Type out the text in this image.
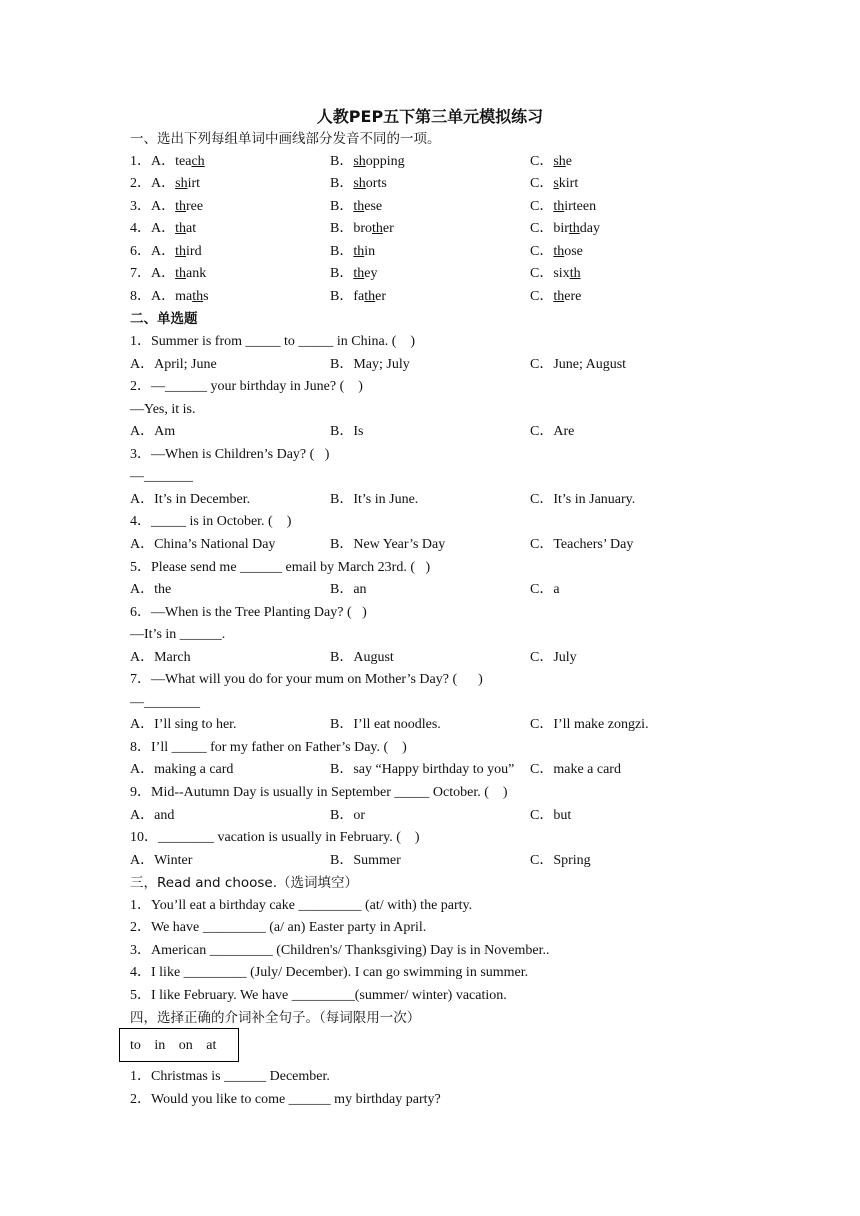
人教PEP五下第三单元模拟练习
一、选出下列每组单词中画线部分发音不同的一项。
1．A．teach	B．shopping	C．she
2．A．shirt	B．shorts	C．skirt
3．A．three	B．these	C．thirteen
4．A．that	B．brother	C．birthday
6．A．third	B．thin	C．those
7．A．thank	B．they	C．sixth
8．A．maths	B．father	C．there
二、单选题
1．Summer is from _____ to _____ in China. (    )
A．April; June	B．May; July	C．June; August
2．—______ your birthday in June? (    )
—Yes, it is.
A．Am	B．Is	C．Are
3．—When is Children’s Day? (   )
—_______
A．It’s in December.	B．It’s in June.	C．It’s in January.
4．_____ is in October. (    )
A．China’s National Day	B．New Year’s Day	C．Teachers’ Day
5．Please send me ______ email by March 23rd. (   )
A．the	B．an	C．a
6．—When is the Tree Planting Day? (   )
—It’s in ______.
A．March	B．August	C．July
7．—What will you do for your mum on Mother’s Day? (      )
—________
A．I’ll sing to her.	B．I’ll eat noodles.	C．I’ll make zongzi.
8．I’ll _____ for my father on Father’s Day. (    )
A．making a card	B．say “Happy birthday to you” C．make a card
9．Mid--Autumn Day is usually in September _____ October. (    )
A．and	B．or	C．but
10．________ vacation is usually in February. (    )
A．Winter	B．Summer	C．Spring
三，Read and choose.（选词填空）
1．You’ll eat a birthday cake _________ (at/ with) the party.
2．We have _________ (a/ an) Easter party in April.
3．American _________ (Children's/ Thanksgiving) Day is in November..
4．I like _________ (July/ December). I can go swimming in summer.
5．I like February. We have _________(summer/ winter) vacation.
四，选择正确的介词补全句子。（每词限用一次）
1．Christmas is ______ December.
2．Would you like to come ______ my birthday party?
to in on at
